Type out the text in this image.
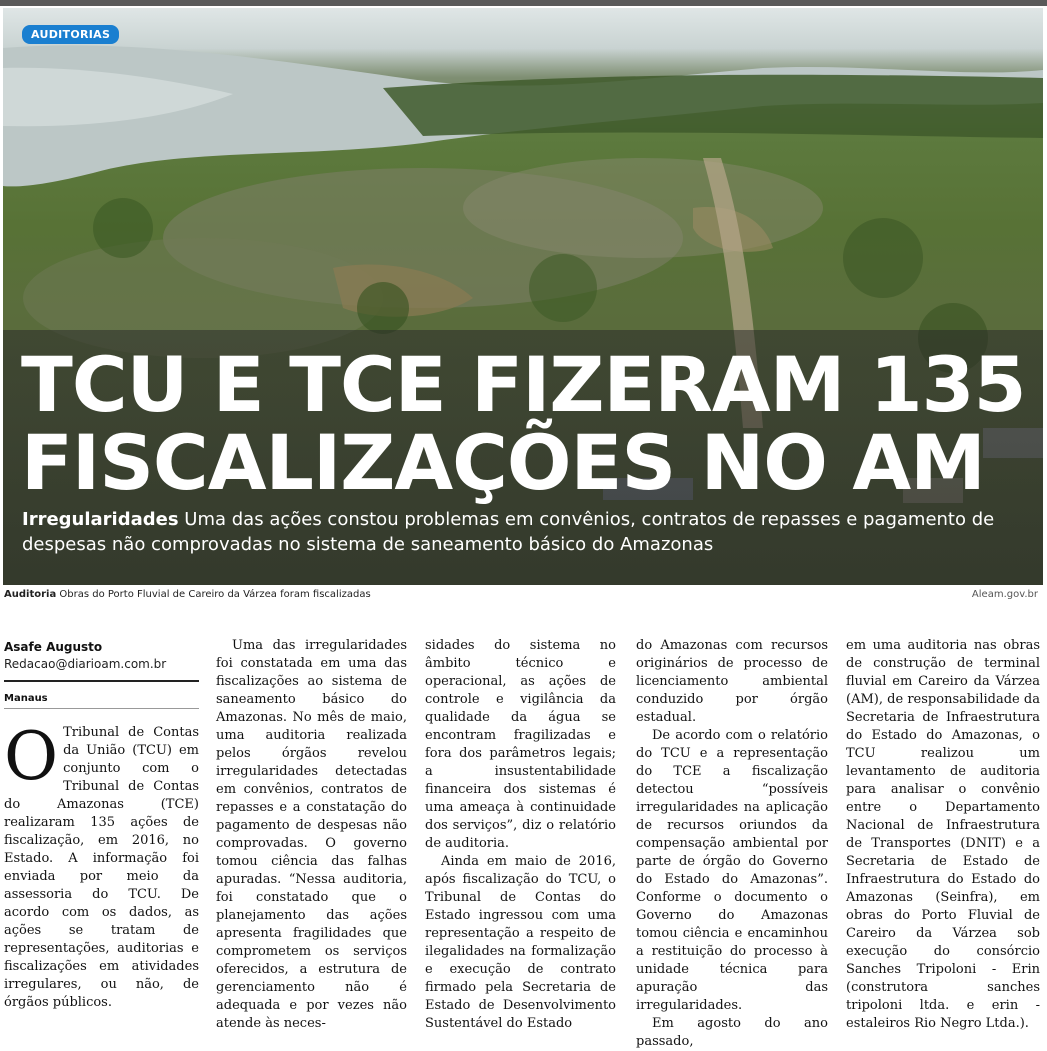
AUDITORIAS
TCU E TCE FIZERAM 135
FISCALIZAÇÕES NO AM

Irregularidades Uma das ações constou problemas em convênios, contratos de repasses e pagamento de despesas não comprovadas no sistema de saneamento básico do Amazonas

Auditoria Obras do Porto Fluvial de Careiro da Várzea foram fiscalizadas	Aleam.gov.br
Asafe Augusto
Redacao@diarioam.com.br
Manaus

O Tribunal de Contas da União (TCU) em conjunto com o Tribunal de Contas do Amazonas (TCE) realizaram 135 ações de fiscalização, em 2016, no Estado. A informação foi enviada por meio da assessoria do TCU. De acordo com os dados, as ações se tratam de representações, auditorias e fiscalizações em atividades irregulares, ou não, de órgãos públicos.

Uma das irregularidades foi constatada em uma das fiscalizações ao sistema de saneamento básico do Amazonas. No mês de maio, uma auditoria realizada pelos órgãos revelou irregularidades detectadas em convênios, contratos de repasses e a constatação do pagamento de despesas não comprovadas. O governo tomou ciência das falhas apuradas. “Nessa auditoria, foi constatado que o planejamento das ações apresenta fragilidades que comprometem os serviços oferecidos, a estrutura de gerenciamento não é adequada e por vezes não atende às neces-

sidades do sistema no âmbito técnico e operacional, as ações de controle e vigilância da qualidade da água se encontram fragilizadas e fora dos parâmetros legais; a insustentabilidade financeira dos sistemas é uma ameaça à continuidade dos serviços”, diz o relatório de auditoria.

Ainda em maio de 2016, após fiscalização do TCU, o Tribunal de Contas do Estado ingressou com uma representação a respeito de ilegalidades na formalização e execução de contrato firmado pela Secretaria de Estado de Desenvolvimento Sustentável do Estado

do Amazonas com recursos originários de processo de licenciamento ambiental conduzido por órgão estadual.

De acordo com o relatório do TCU e a representação do TCE a fiscalização detectou “possíveis irregularidades na aplicação de recursos oriundos da compensação ambiental por parte de órgão do Governo do Estado do Amazonas”. Conforme o documento o Governo do Amazonas tomou ciência e encaminhou a restituição do processo à unidade técnica para apuração das irregularidades.

Em agosto do ano passado,

em uma auditoria nas obras de construção de terminal fluvial em Careiro da Várzea (AM), de responsabilidade da Secretaria de Infraestrutura do Estado do Amazonas, o TCU realizou um levantamento de auditoria para analisar o convênio entre o Departamento Nacional de Infraestrutura de Transportes (DNIT) e a Secretaria de Estado de Infraestrutura do Estado do Amazonas (Seinfra), em obras do Porto Fluvial de Careiro da Várzea sob execução do consórcio Sanches Tripoloni - Erin (construtora sanches tripoloni ltda. e erin - estaleiros Rio Negro Ltda.).
